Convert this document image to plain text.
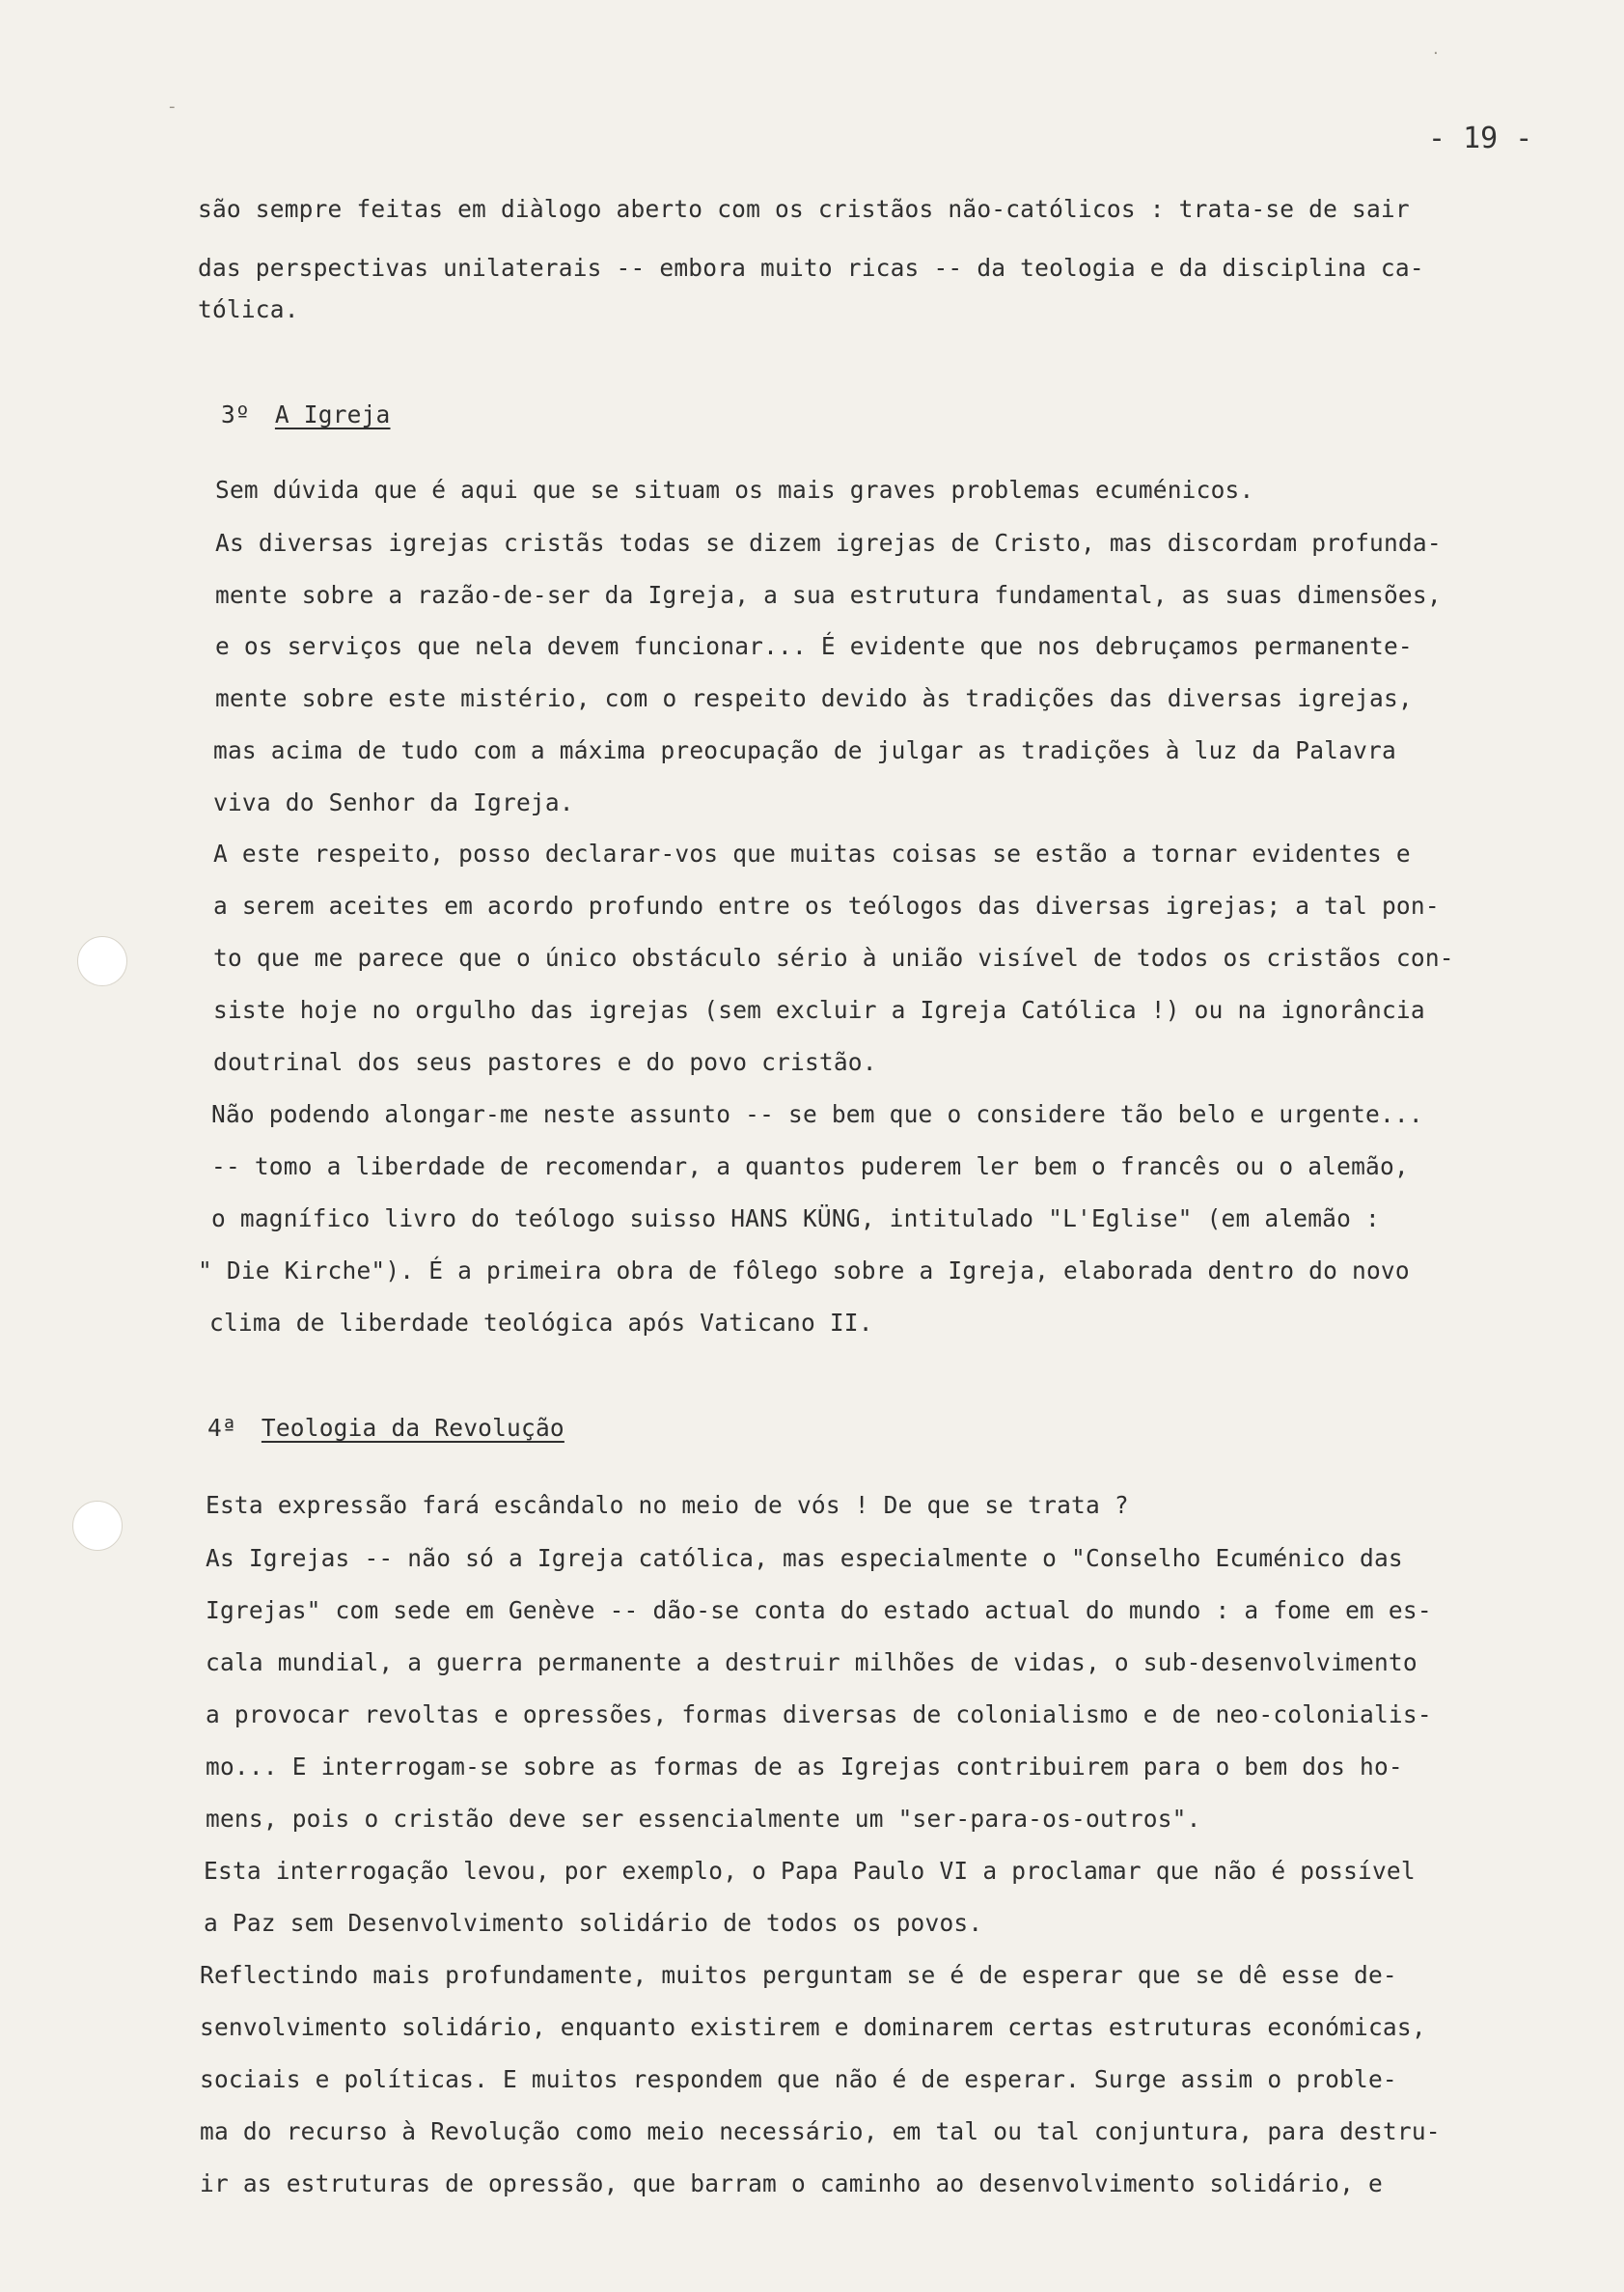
-
·
- 19 -
são sempre feitas em diàlogo aberto com os cristãos não-católicos : trata-se de sair
das perspectivas unilaterais -- embora muito ricas -- da teologia e da disciplina ca-
tólica.
3º A Igreja
Sem dúvida que é aqui que se situam os mais graves problemas ecuménicos.
As diversas igrejas cristãs todas se dizem igrejas de Cristo, mas discordam profunda-
mente sobre a razão-de-ser da Igreja, a sua estrutura fundamental, as suas dimensões,
e os serviços que nela devem funcionar... É evidente que nos debruçamos permanente-
mente sobre este mistério, com o respeito devido às tradições das diversas igrejas,
mas acima de tudo com a máxima preocupação de julgar as tradições à luz da Palavra
viva do Senhor da Igreja.
A este respeito, posso declarar-vos que muitas coisas se estão a tornar evidentes e
a serem aceites em acordo profundo entre os teólogos das diversas igrejas; a tal pon-
to que me parece que o único obstáculo sério à união visível de todos os cristãos con-
siste hoje no orgulho das igrejas (sem excluir a Igreja Católica !) ou na ignorância
doutrinal dos seus pastores e do povo cristão.
Não podendo alongar-me neste assunto -- se bem que o considere tão belo e urgente...
-- tomo a liberdade de recomendar, a quantos puderem ler bem o francês ou o alemão,
o magnífico livro do teólogo suisso HANS KÜNG, intitulado "L'Eglise" (em alemão :
" Die Kirche"). É a primeira obra de fôlego sobre a Igreja, elaborada dentro do novo
clima de liberdade teológica após Vaticano II.
4ª Teologia da Revolução
Esta expressão fará escândalo no meio de vós ! De que se trata ?
As Igrejas -- não só a Igreja católica, mas especialmente o "Conselho Ecuménico das
Igrejas" com sede em Genève -- dão-se conta do estado actual do mundo : a fome em es-
cala mundial, a guerra permanente a destruir milhões de vidas, o sub-desenvolvimento
a provocar revoltas e opressões, formas diversas de colonialismo e de neo-colonialis-
mo... E interrogam-se sobre as formas de as Igrejas contribuirem para o bem dos ho-
mens, pois o cristão deve ser essencialmente um "ser-para-os-outros".
Esta interrogação levou, por exemplo, o Papa Paulo VI a proclamar que não é possível
a Paz sem Desenvolvimento solidário de todos os povos.
Reflectindo mais profundamente, muitos perguntam se é de esperar que se dê esse de-
senvolvimento solidário, enquanto existirem e dominarem certas estruturas económicas,
sociais e políticas. E muitos respondem que não é de esperar. Surge assim o proble-
ma do recurso à Revolução como meio necessário, em tal ou tal conjuntura, para destru-
ir as estruturas de opressão, que barram o caminho ao desenvolvimento solidário, e
